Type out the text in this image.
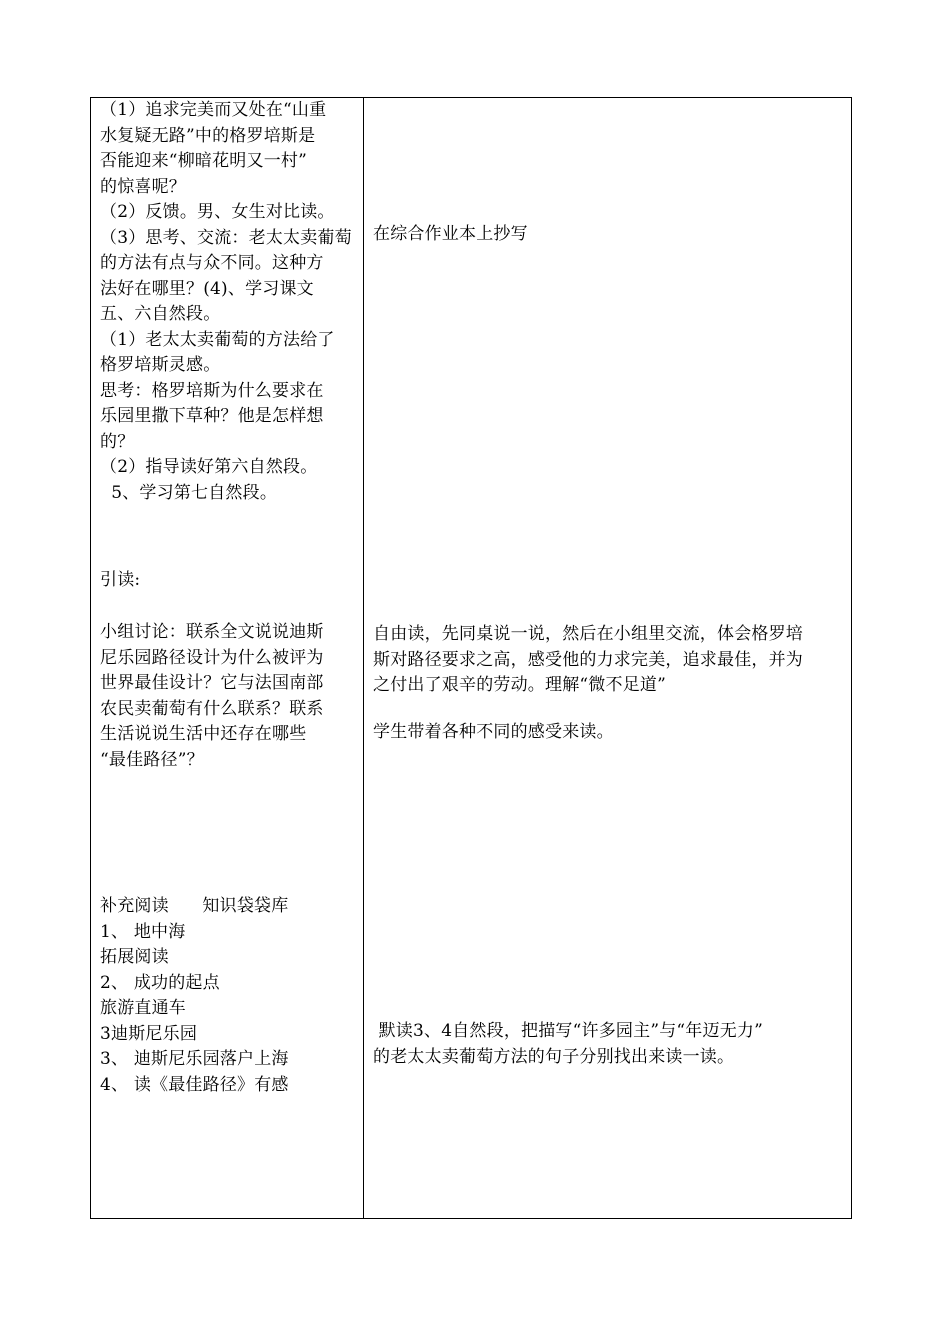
（1）追求完美而又处在“山重
水复疑无路”中的格罗培斯是
否能迎来“柳暗花明又一村”
的惊喜呢？
（2）反馈。男、女生对比读。
（3）思考、交流：老太太卖葡萄
的方法有点与众不同。这种方
法好在哪里？(4)、学习课文
五、六自然段。
（1）老太太卖葡萄的方法给了
格罗培斯灵感。
思考：格罗培斯为什么要求在
乐园里撒下草种？他是怎样想
的？
（2）指导读好第六自然段。
5、学习第七自然段。
引读:
小组讨论：联系全文说说迪斯
尼乐园路径设计为什么被评为
世界最佳设计？它与法国南部
农民卖葡萄有什么联系？联系
生活说说生活中还存在哪些
“最佳路径”？
补充阅读      知识袋袋库
1、 地中海
拓展阅读
2、 成功的起点
旅游直通车
3迪斯尼乐园
3、 迪斯尼乐园落户上海
4、 读《最佳路径》有感
在综合作业本上抄写
自由读，先同桌说一说，然后在小组里交流，体会格罗培
斯对路径要求之高，感受他的力求完美，追求最佳，并为
之付出了艰辛的劳动。理解“微不足道”
学生带着各种不同的感受来读。
默读3、4自然段，把描写“许多园主”与“年迈无力”
的老太太卖葡萄方法的句子分别找出来读一读。
